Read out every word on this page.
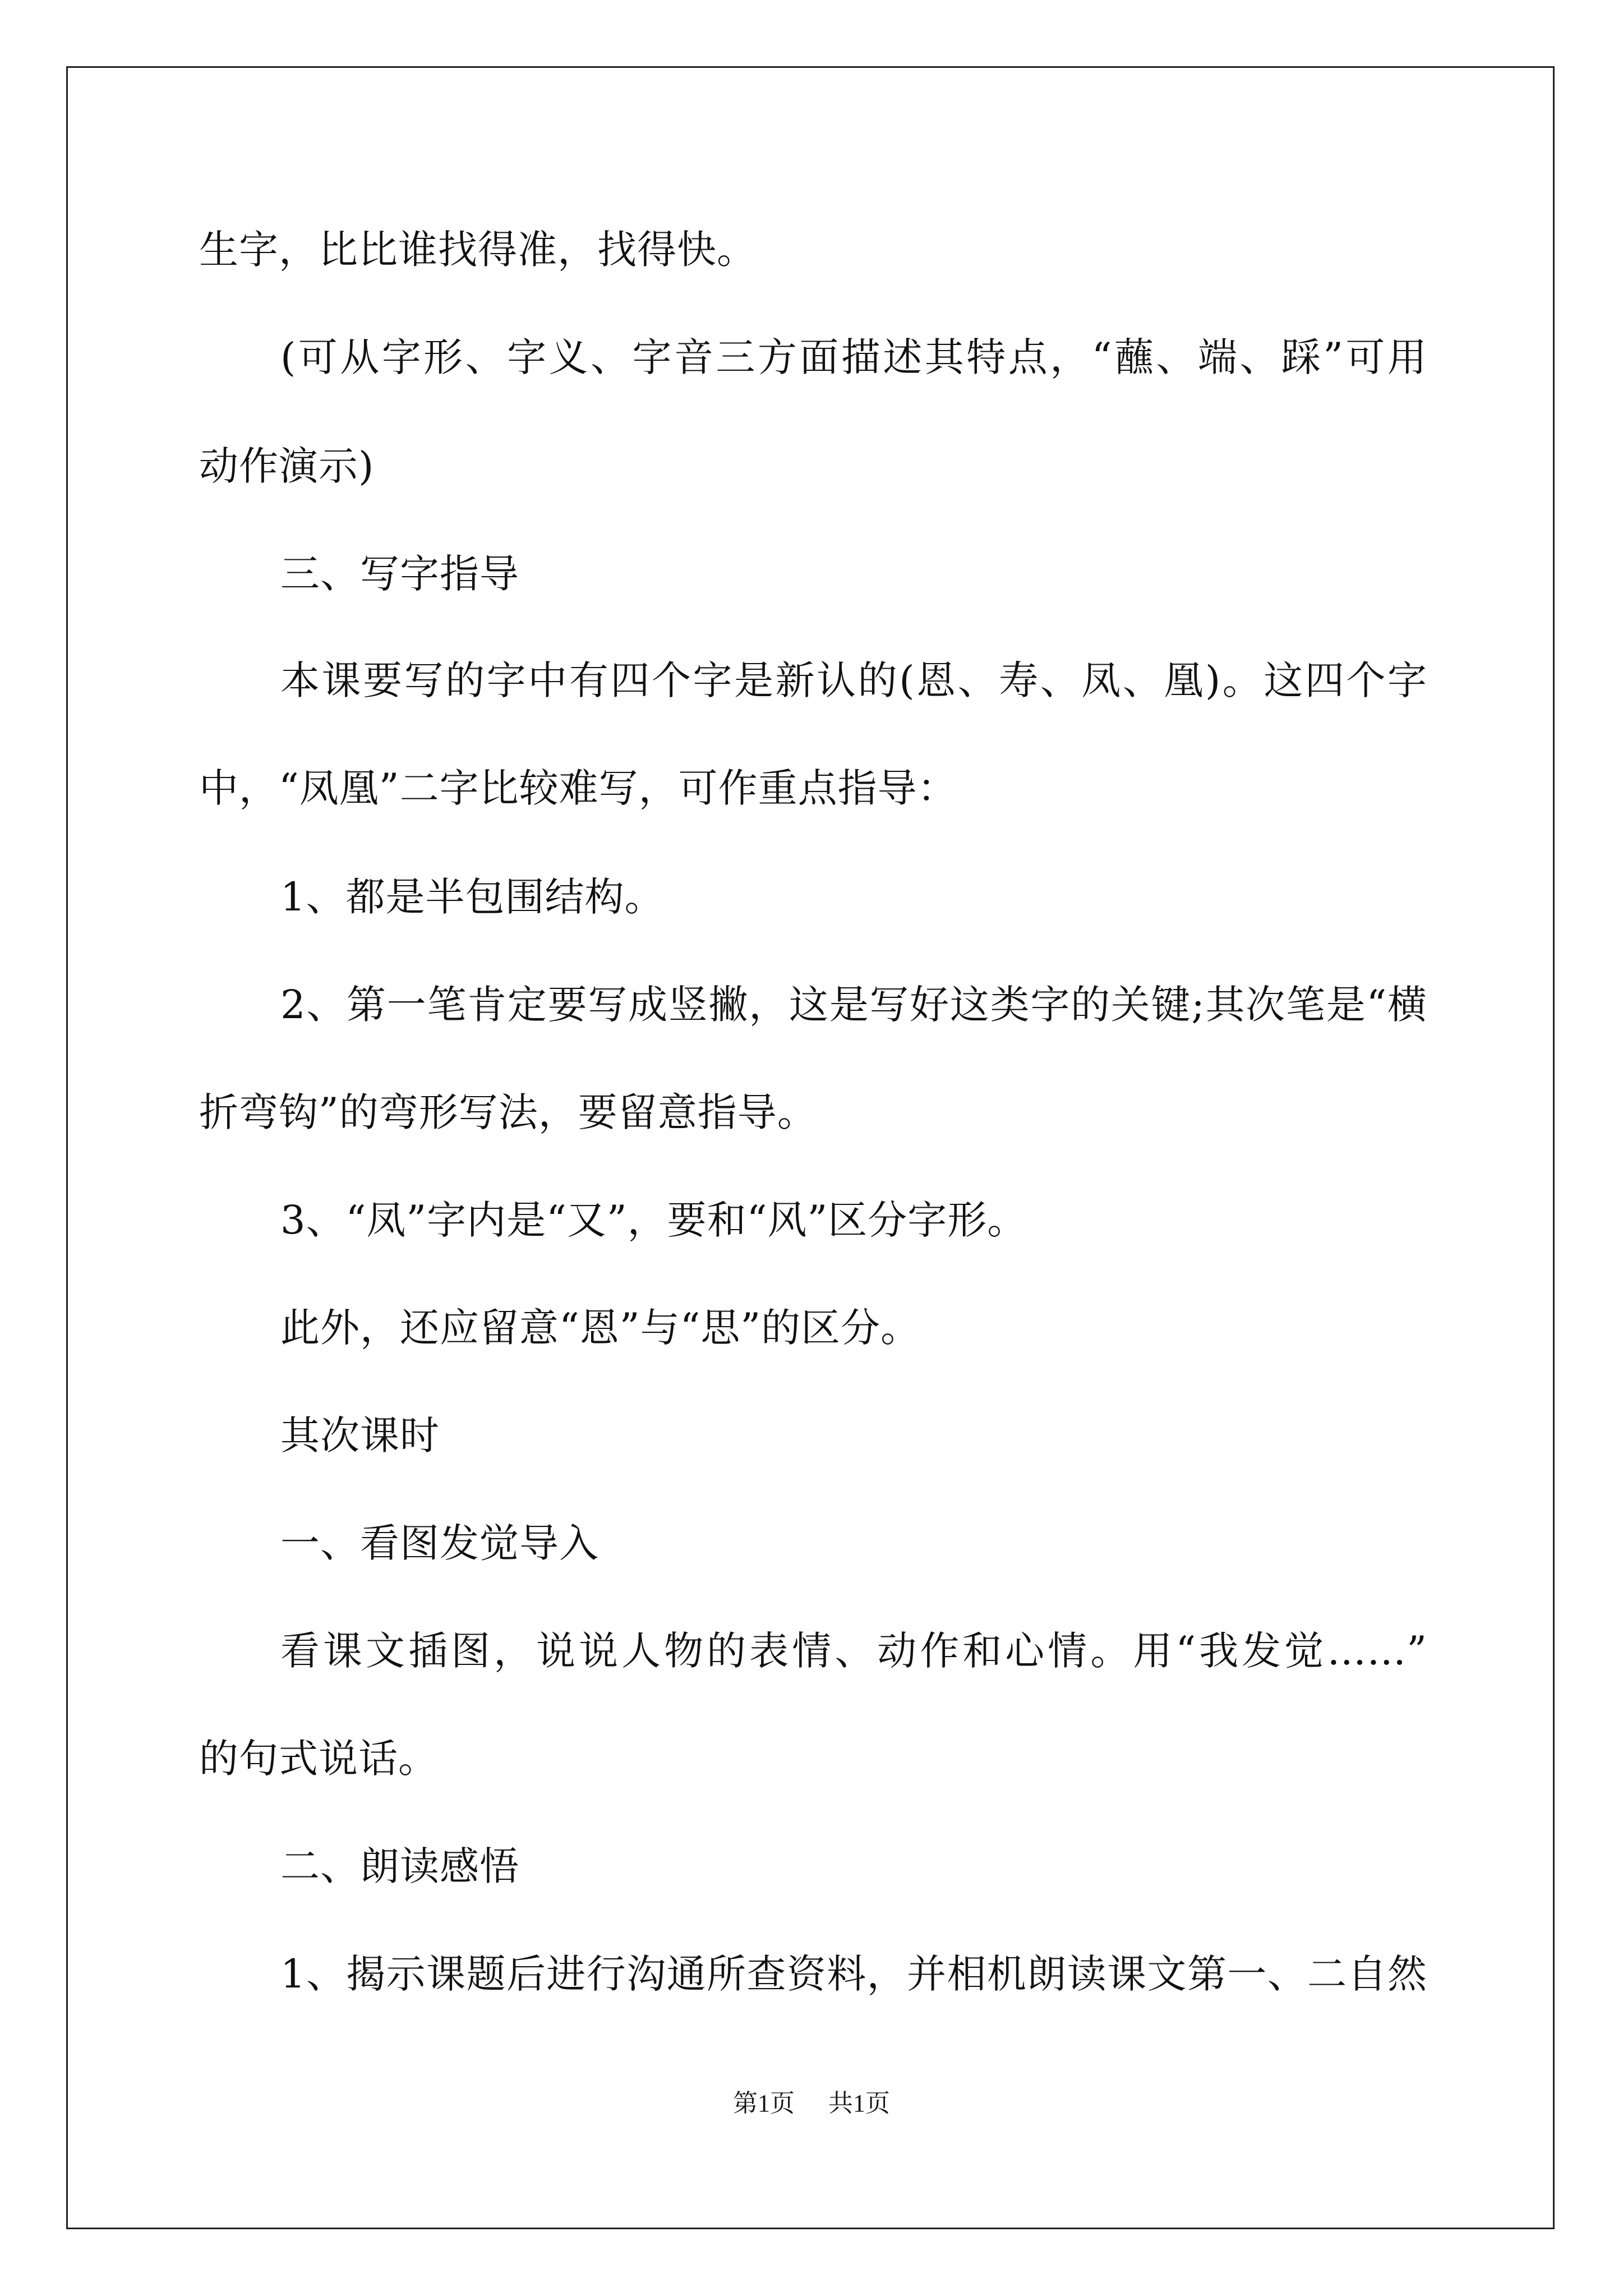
生字，比比谁找得准，找得快。
(可从字形、字义、字音三方面描述其特点，“蘸、端、踩”可用
动作演示)
三、写字指导
本课要写的字中有四个字是新认的(恩、寿、凤、凰)。这四个字
中，“凤凰”二字比较难写，可作重点指导：
1、都是半包围结构。
2、第一笔肯定要写成竖撇，这是写好这类字的关键;其次笔是“横
折弯钩”的弯形写法，要留意指导。
3、“凤”字内是“又”，要和“风”区分字形。
此外，还应留意“恩”与“思”的区分。
其次课时
一、看图发觉导入
看课文插图，说说人物的表情、动作和心情。用“我发觉……”
的句式说话。
二、朗读感悟
1、揭示课题后进行沟通所查资料，并相机朗读课文第一、二自然
第1页 共1页
